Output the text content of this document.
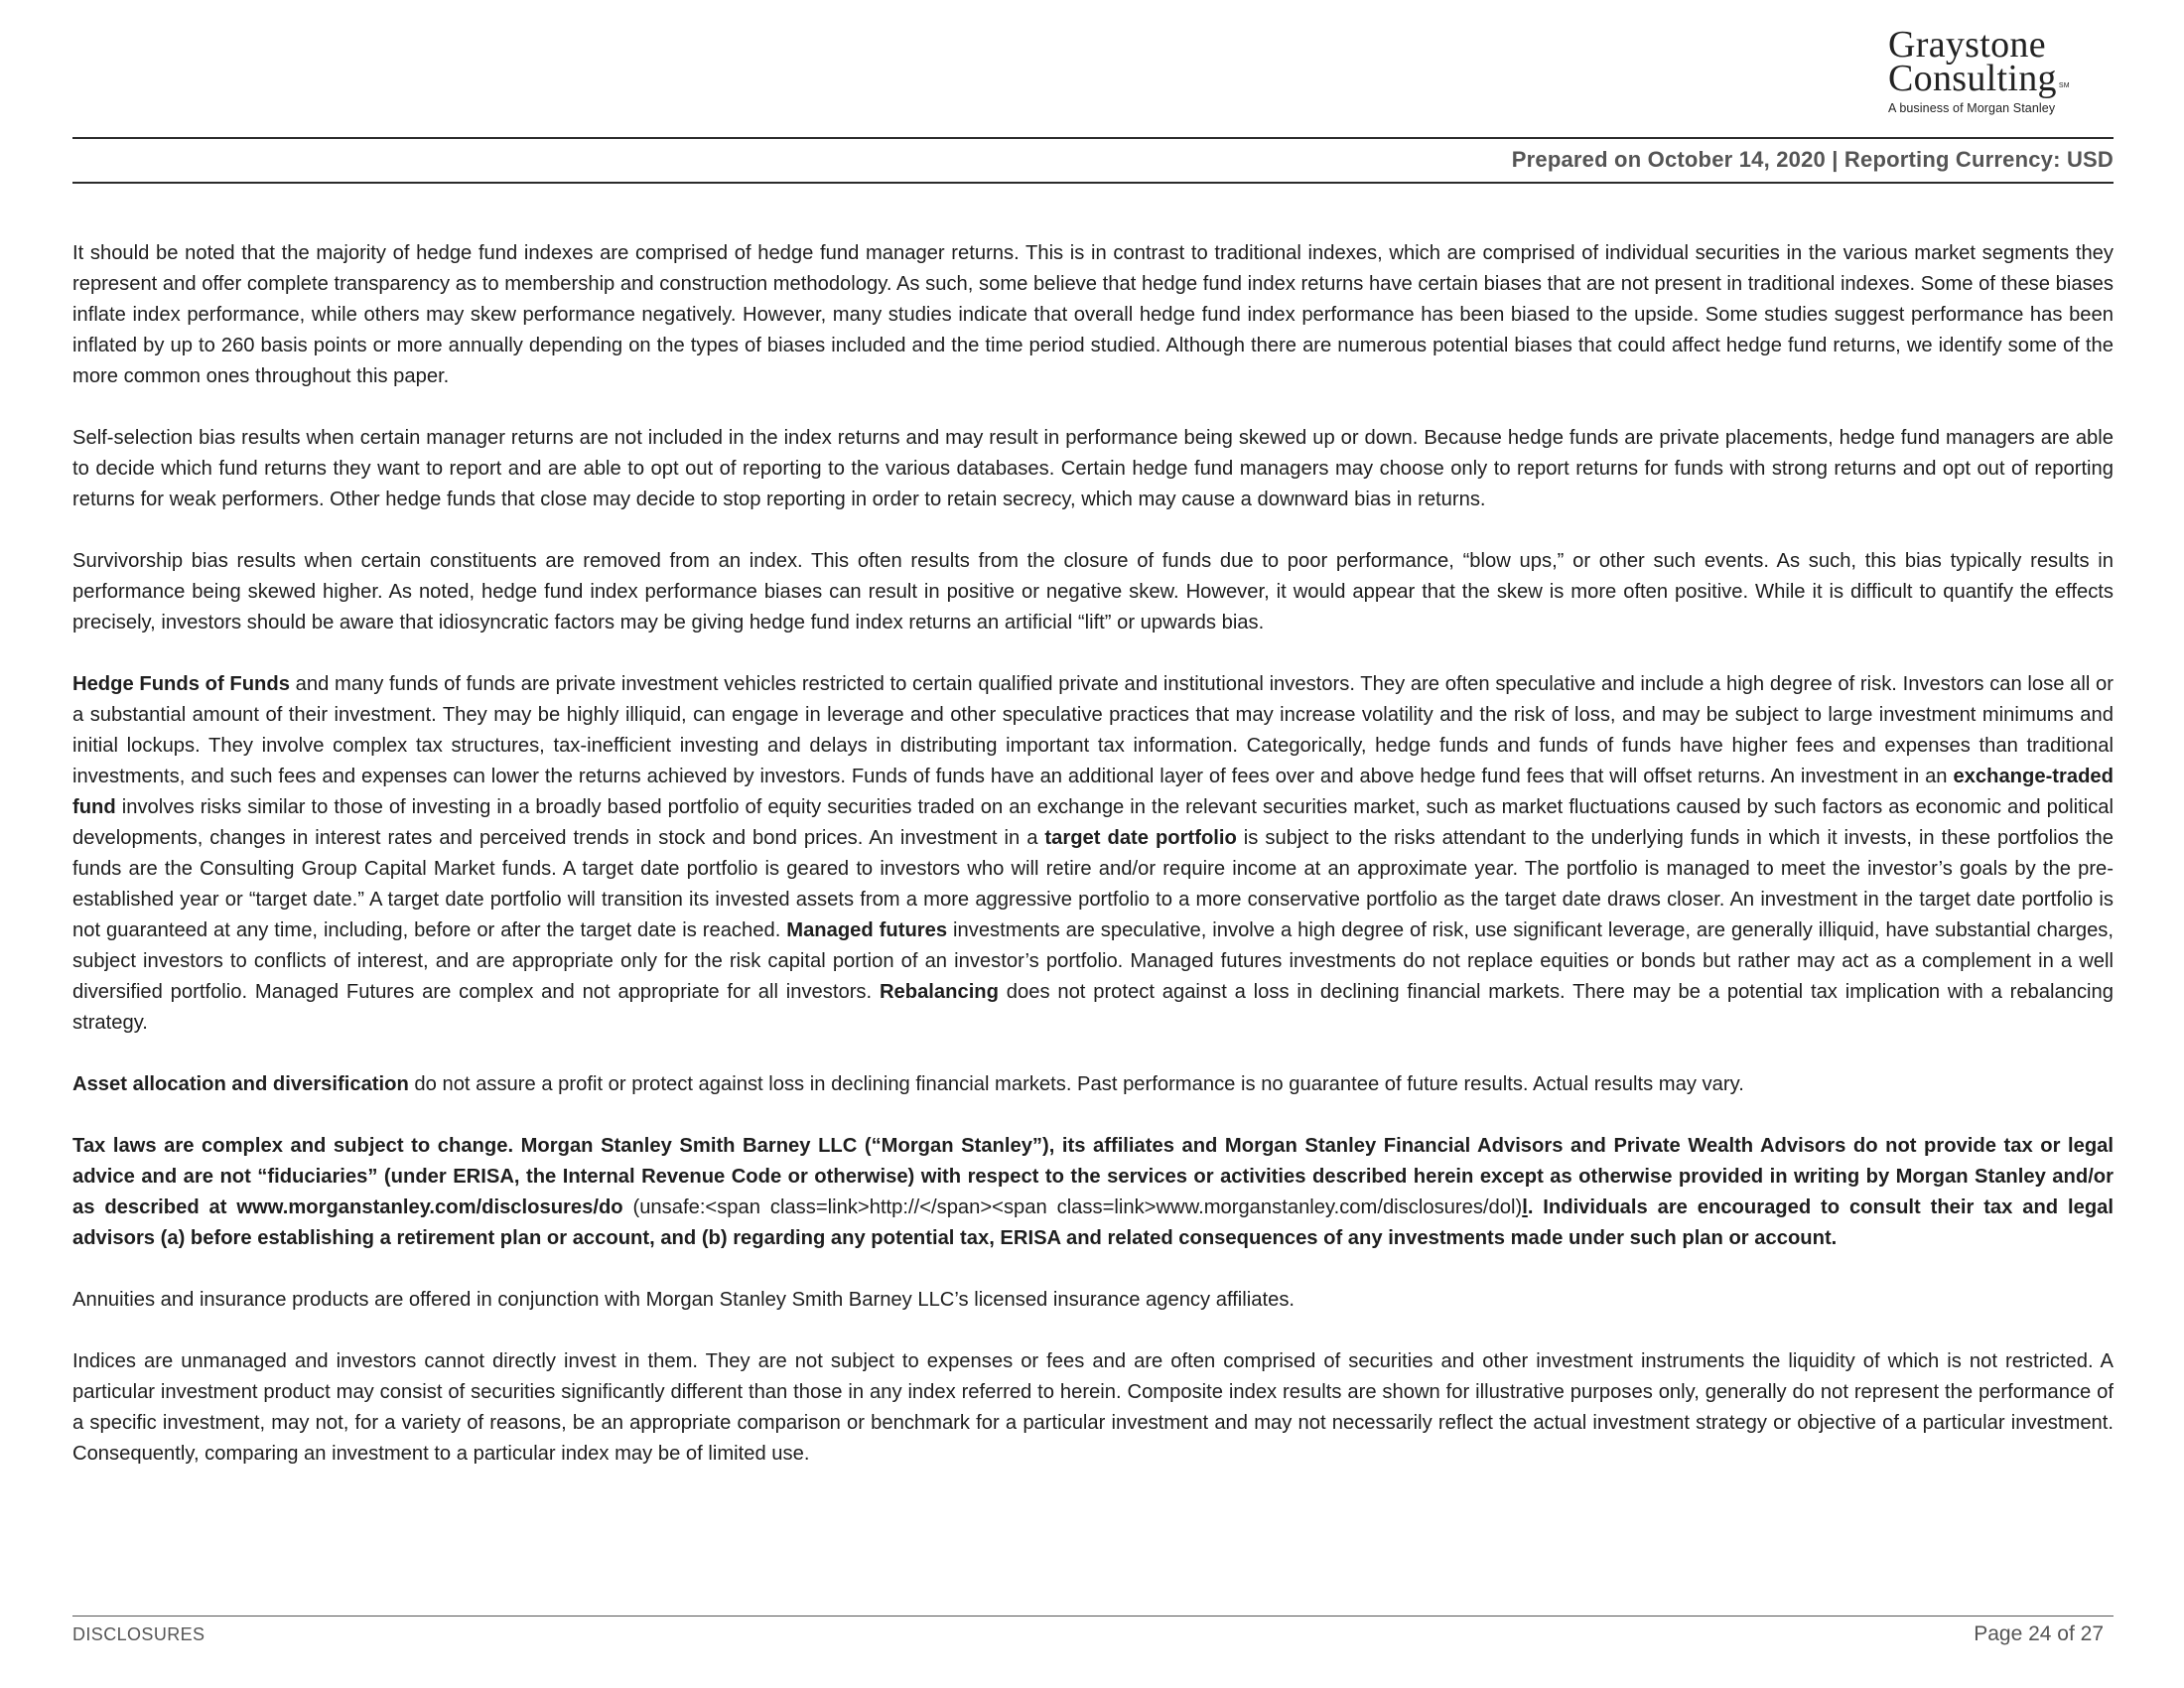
Graystone
Consulting ℠
A business of Morgan Stanley
Prepared on October 14, 2020 | Reporting Currency: USD

It should be noted that the majority of hedge fund indexes are comprised of hedge fund manager returns. This is in contrast to traditional indexes, which are comprised of individual securities in the various market segments they represent and offer complete transparency as to membership and construction methodology. As such, some believe that hedge fund index returns have certain biases that are not present in traditional indexes. Some of these biases inflate index performance, while others may skew performance negatively. However, many studies indicate that overall hedge fund index performance has been biased to the upside. Some studies suggest performance has been inflated by up to 260 basis points or more annually depending on the types of biases included and the time period studied. Although there are numerous potential biases that could affect hedge fund returns, we identify some of the more common ones throughout this paper.

Self-selection bias results when certain manager returns are not included in the index returns and may result in performance being skewed up or down. Because hedge funds are private placements, hedge fund managers are able to decide which fund returns they want to report and are able to opt out of reporting to the various databases. Certain hedge fund managers may choose only to report returns for funds with strong returns and opt out of reporting returns for weak performers. Other hedge funds that close may decide to stop reporting in order to retain secrecy, which may cause a downward bias in returns.

Survivorship bias results when certain constituents are removed from an index. This often results from the closure of funds due to poor performance, “blow ups,” or other such events. As such, this bias typically results in performance being skewed higher. As noted, hedge fund index performance biases can result in positive or negative skew. However, it would appear that the skew is more often positive. While it is difficult to quantify the effects precisely, investors should be aware that idiosyncratic factors may be giving hedge fund index returns an artificial “lift” or upwards bias.

Hedge Funds of Funds and many funds of funds are private investment vehicles restricted to certain qualified private and institutional investors. They are often speculative and include a high degree of risk. Investors can lose all or a substantial amount of their investment. They may be highly illiquid, can engage in leverage and other speculative practices that may increase volatility and the risk of loss, and may be subject to large investment minimums and initial lockups. They involve complex tax structures, tax-inefficient investing and delays in distributing important tax information. Categorically, hedge funds and funds of funds have higher fees and expenses than traditional investments, and such fees and expenses can lower the returns achieved by investors. Funds of funds have an additional layer of fees over and above hedge fund fees that will offset returns. An investment in an exchange-traded fund involves risks similar to those of investing in a broadly based portfolio of equity securities traded on an exchange in the relevant securities market, such as market fluctuations caused by such factors as economic and political developments, changes in interest rates and perceived trends in stock and bond prices. An investment in a target date portfolio is subject to the risks attendant to the underlying funds in which it invests, in these portfolios the funds are the Consulting Group Capital Market funds. A target date portfolio is geared to investors who will retire and/or require income at an approximate year. The portfolio is managed to meet the investor’s goals by the pre-established year or “target date.” A target date portfolio will transition its invested assets from a more aggressive portfolio to a more conservative portfolio as the target date draws closer. An investment in the target date portfolio is not guaranteed at any time, including, before or after the target date is reached. Managed futures investments are speculative, involve a high degree of risk, use significant leverage, are generally illiquid, have substantial charges, subject investors to conflicts of interest, and are appropriate only for the risk capital portion of an investor’s portfolio. Managed futures investments do not replace equities or bonds but rather may act as a complement in a well diversified portfolio. Managed Futures are complex and not appropriate for all investors. Rebalancing does not protect against a loss in declining financial markets. There may be a potential tax implication with a rebalancing strategy.

Asset allocation and diversification do not assure a profit or protect against loss in declining financial markets. Past performance is no guarantee of future results. Actual results may vary.

Tax laws are complex and subject to change. Morgan Stanley Smith Barney LLC (“Morgan Stanley”), its affiliates and Morgan Stanley Financial Advisors and Private Wealth Advisors do not provide tax or legal advice and are not “fiduciaries” (under ERISA, the Internal Revenue Code or otherwise) with respect to the services or activities described herein except as otherwise provided in writing by Morgan Stanley and/or as described at www.morganstanley.com/disclosures/do (unsafe:<span class=link>http://</span><span class=link>www.morganstanley.com/disclosures/dol)l. Individuals are encouraged to consult their tax and legal advisors (a) before establishing a retirement plan or account, and (b) regarding any potential tax, ERISA and related consequences of any investments made under such plan or account.

Annuities and insurance products are offered in conjunction with Morgan Stanley Smith Barney LLC’s licensed insurance agency affiliates.

Indices are unmanaged and investors cannot directly invest in them. They are not subject to expenses or fees and are often comprised of securities and other investment instruments the liquidity of which is not restricted. A particular investment product may consist of securities significantly different than those in any index referred to herein. Composite index results are shown for illustrative purposes only, generally do not represent the performance of a specific investment, may not, for a variety of reasons, be an appropriate comparison or benchmark for a particular investment and may not necessarily reflect the actual investment strategy or objective of a particular investment. Consequently, comparing an investment to a particular index may be of limited use.

DISCLOSURES	Page 24 of 27
